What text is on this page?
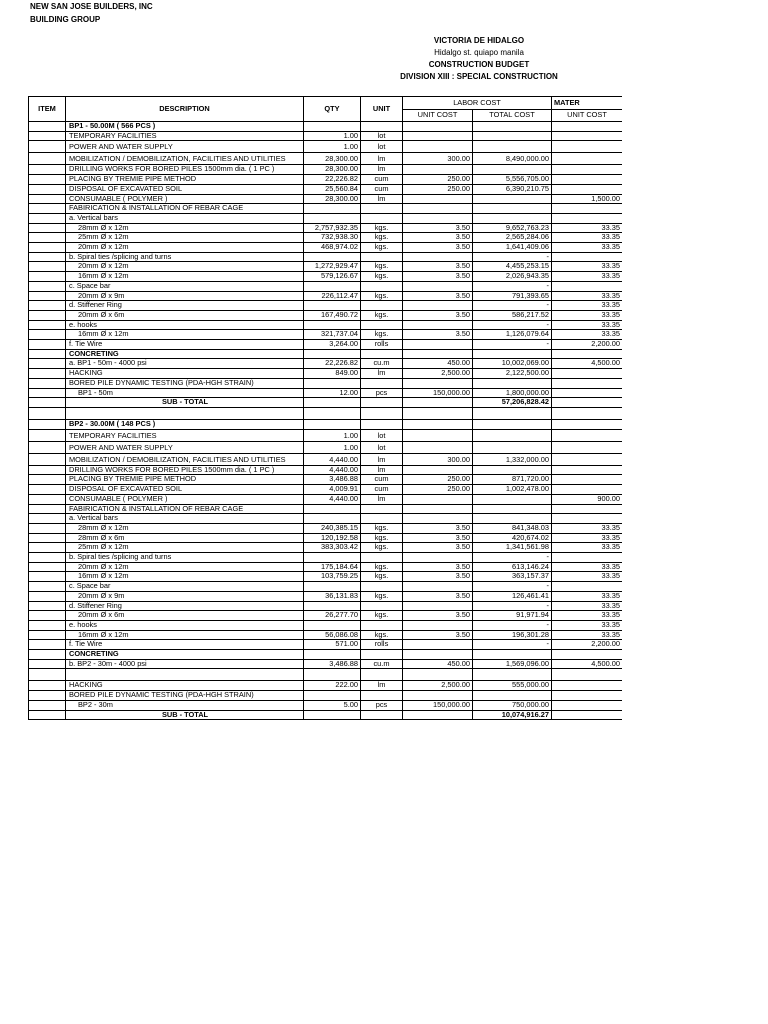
NEW SAN JOSE BUILDERS, INC
BUILDING GROUP
VICTORIA DE HIDALGO
Hidalgo st. quiapo manila
CONSTRUCTION BUDGET
DIVISION XIII : SPECIAL CONSTRUCTION
ITEM	DESCRIPTION	QTY	UNIT	LABOR COST		MATER
				UNIT COST	TOTAL COST	UNIT COST
	BP1 - 50.00M ( 566 PCS )					
	TEMPORARY FACILITIES	1.00	lot			
	POWER AND WATER SUPPLY	1.00	lot			
	MOBILIZATION / DEMOBILIZATION, FACILITIES AND UTILITIES	28,300.00	lm	300.00	8,490,000.00	
	DRILLING WORKS FOR BORED PILES 1500mm dia. ( 1 PC )	28,300.00	lm			
	PLACING BY TREMIE PIPE METHOD	22,226.82	cum	250.00	5,556,705.00	
	DISPOSAL OF EXCAVATED SOIL	25,560.84	cum	250.00	6,390,210.75	
	CONSUMABLE ( POLYMER )	28,300.00	lm			1,500.00
	FABIRICATION & INSTALLATION OF REBAR CAGE					
	a. Vertical bars					
	28mm Ø x 12m	2,757,932.35	kgs.	3.50	9,652,763.23	33.35
	25mm Ø x 12m	732,938.30	kgs.	3.50	2,565,284.06	33.35
	20mm Ø x 12m	468,974.02	kgs.	3.50	1,641,409.06	33.35
	b. Spiral ties /splicing and turns				-	
	20mm Ø x 12m	1,272,929.47	kgs.	3.50	4,455,253.15	33.35
	16mm Ø x 12m	579,126.67	kgs.	3.50	2,026,943.35	33.35
	c. Space bar				-	
	20mm Ø x 9m	226,112.47	kgs.	3.50	791,393.65	33.35
	d. Stiffener Ring				-	33.35
	20mm Ø x 6m	167,490.72	kgs.	3.50	586,217.52	33.35
	e. hooks				-	33.35
	16mm Ø x 12m	321,737.04	kgs.	3.50	1,126,079.64	33.35
	f. Tie Wire	3,264.00	rolls		-	2,200.00
	CONCRETING					
	a. BP1 - 50m - 4000 psi	22,226.82	cu.m	450.00	10,002,069.00	4,500.00
	HACKING	849.00	lm	2,500.00	2,122,500.00	
	BORED PILE DYNAMIC TESTING (PDA-HGH STRAIN)					
	BP1 - 50m	12.00	pcs	150,000.00	1,800,000.00	
	SUB - TOTAL				57,206,828.42	

	BP2 - 30.00M ( 148 PCS )					
	TEMPORARY FACILITIES	1.00	lot			
	POWER AND WATER SUPPLY	1.00	lot			
	MOBILIZATION / DEMOBILIZATION, FACILITIES AND UTILITIES	4,440.00	lm	300.00	1,332,000.00	
	DRILLING WORKS FOR BORED PILES 1500mm dia. ( 1 PC )	4,440.00	lm			
	PLACING BY TREMIE PIPE METHOD	3,486.88	cum	250.00	871,720.00	
	DISPOSAL OF EXCAVATED SOIL	4,009.91	cum	250.00	1,002,478.00	
	CONSUMABLE ( POLYMER )	4,440.00	lm			900.00
	FABIRICATION & INSTALLATION OF REBAR CAGE					
	a. Vertical bars					
	28mm Ø x 12m	240,385.15	kgs.	3.50	841,348.03	33.35
	28mm Ø x 6m	120,192.58	kgs.	3.50	420,674.02	33.35
	25mm Ø x 12m	383,303.42	kgs.	3.50	1,341,561.98	33.35
	b. Spiral ties /splicing and turns				-	
	20mm Ø x 12m	175,184.64	kgs.	3.50	613,146.24	33.35
	16mm Ø x 12m	103,759.25	kgs.	3.50	363,157.37	33.35
	c. Space bar				-	
	20mm Ø x 9m	36,131.83	kgs.	3.50	126,461.41	33.35
	d. Stiffener Ring				-	33.35
	20mm Ø x 6m	26,277.70	kgs.	3.50	91,971.94	33.35
	e. hooks				-	33.35
	16mm Ø x 12m	56,086.08	kgs.	3.50	196,301.28	33.35
	f. Tie Wire	571.00	rolls		-	2,200.00
	CONCRETING					
	b. BP2 - 30m - 4000 psi	3,486.88	cu.m	450.00	1,569,096.00	4,500.00

	HACKING	222.00	lm	2,500.00	555,000.00	
	BORED PILE DYNAMIC TESTING (PDA-HGH STRAIN)					
	BP2 - 30m	5.00	pcs	150,000.00	750,000.00	
	SUB - TOTAL				10,074,916.27	
